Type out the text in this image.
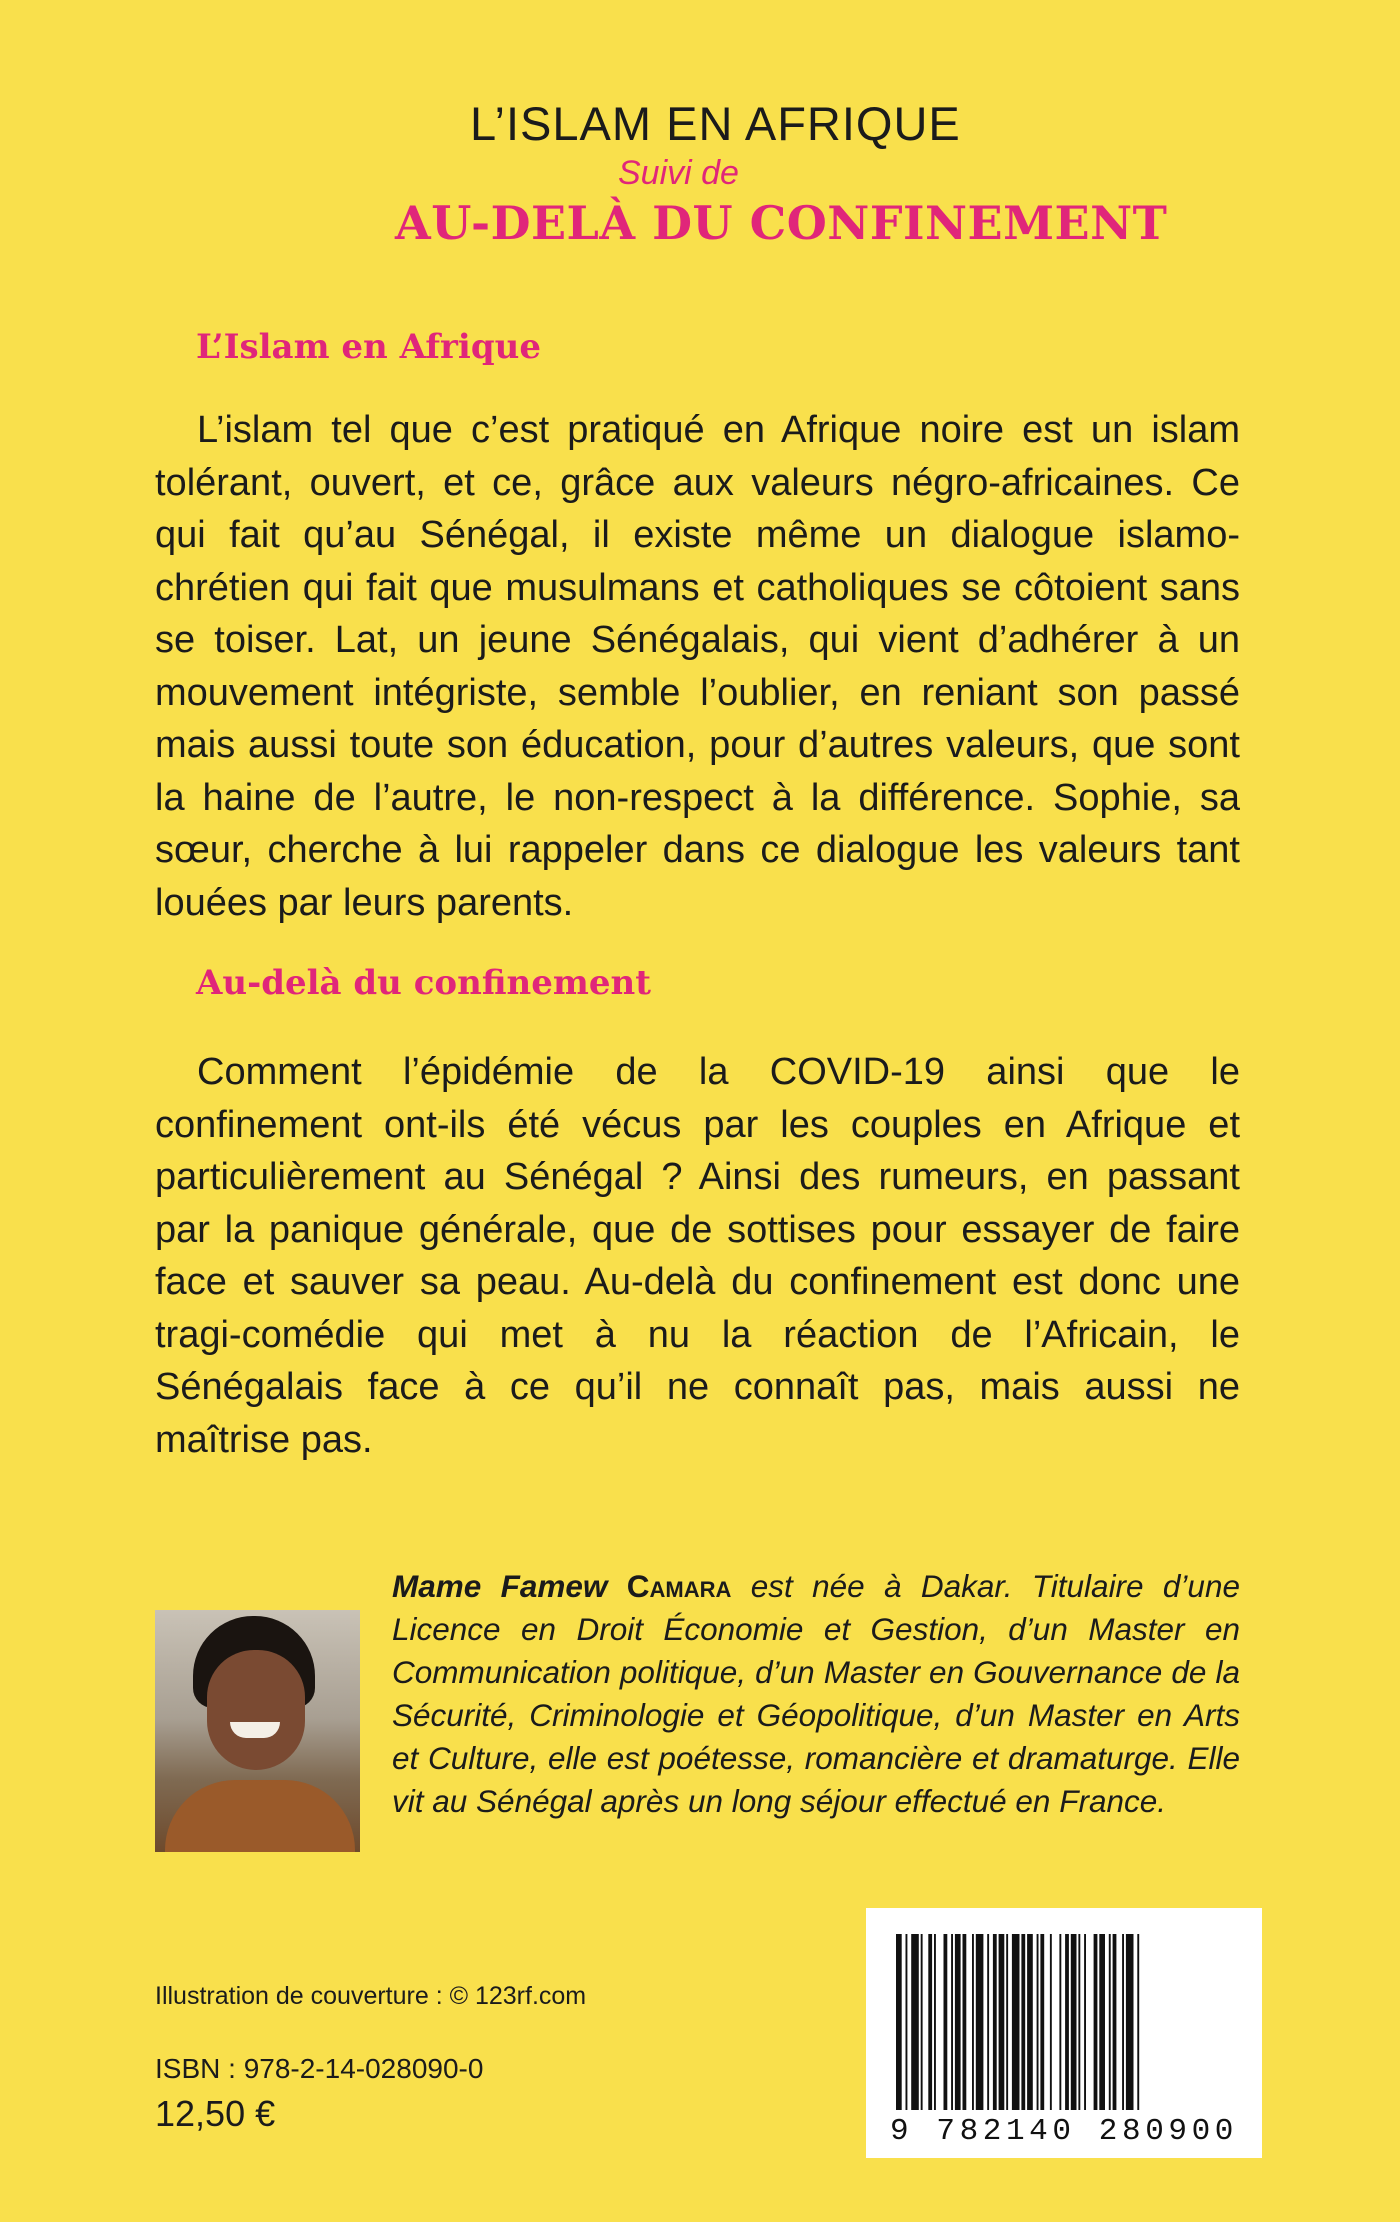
L’ISLAM EN AFRIQUE
Suivi de
AU-DELÀ DU CONFINEMENT
L’Islam en Afrique
L’islam tel que c’est pratiqué en Afrique noire est un islam tolérant, ouvert, et ce, grâce aux valeurs négro-africaines. Ce qui fait qu’au Sénégal, il existe même un dialogue islamo-chrétien qui fait que musulmans et catholiques se côtoient sans se toiser. Lat, un jeune Sénégalais, qui vient d’adhérer à un mouvement intégriste, semble l’oublier, en reniant son passé mais aussi toute son éducation, pour d’autres valeurs, que sont la haine de l’autre, le non-respect à la différence. Sophie, sa sœur, cherche à lui rappeler dans ce dialogue les valeurs tant louées par leurs parents.
Au-delà du confinement
Comment l’épidémie de la COVID-19 ainsi que le confinement ont-ils été vécus par les couples en Afrique et particulièrement au Sénégal ? Ainsi des rumeurs, en passant par la panique générale, que de sottises pour essayer de faire face et sauver sa peau. Au-delà du confinement est donc une tragi-comédie qui met à nu la réaction de l’Africain, le Sénégalais face à ce qu’il ne connaît pas, mais aussi ne maîtrise pas.
Mame Famew Camara est née à Dakar. Titulaire d’une Licence en Droit Économie et Gestion, d’un Master en Communication politique, d’un Master en Gouvernance de la Sécurité, Criminologie et Géopolitique, d’un Master en Arts et Culture, elle est poétesse, romancière et dramaturge. Elle vit au Sénégal après un long séjour effectué en France.
Illustration de couverture : © 123rf.com
ISBN : 978-2-14-028090-0
12,50 €	9 782140 280900
